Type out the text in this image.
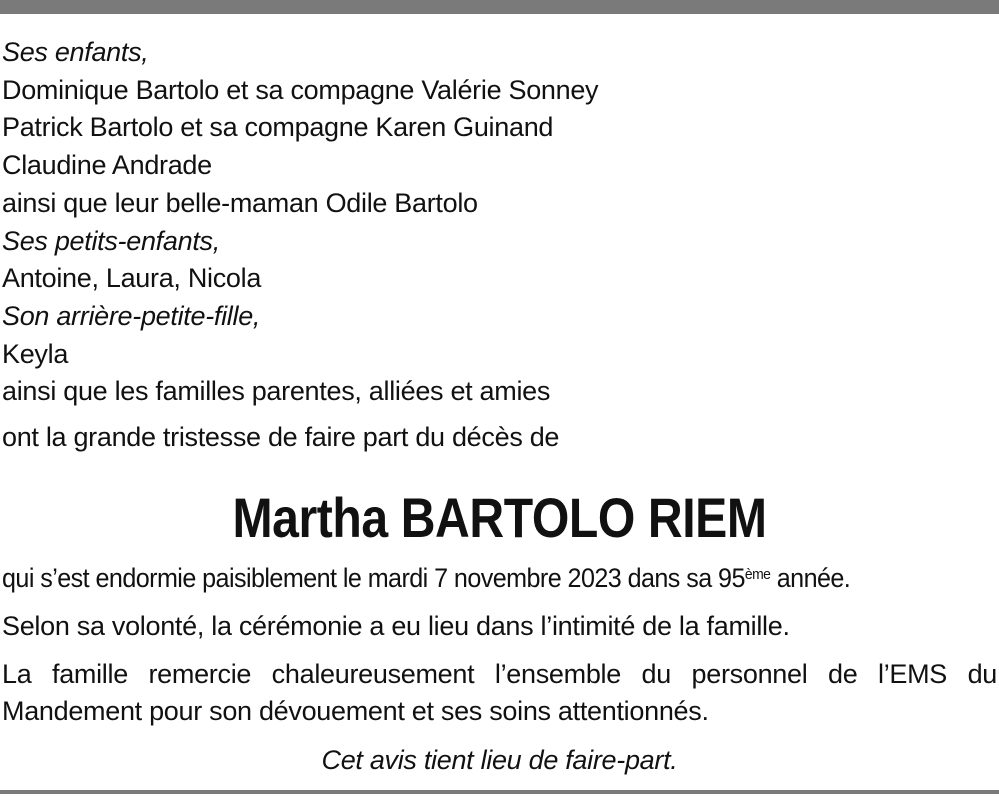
Ses enfants,
Dominique Bartolo et sa compagne Valérie Sonney
Patrick Bartolo et sa compagne Karen Guinand
Claudine Andrade
ainsi que leur belle-maman Odile Bartolo
Ses petits-enfants,
Antoine, Laura, Nicola
Son arrière-petite-fille,
Keyla
ainsi que les familles parentes, alliées et amies
ont la grande tristesse de faire part du décès de
Martha BARTOLO RIEM
qui s’est endormie paisiblement le mardi 7 novembre 2023 dans sa 95ème année.
Selon sa volonté, la cérémonie a eu lieu dans l’intimité de la famille.
La famille remercie chaleureusement l’ensemble du personnel de l’EMS du Mandement pour son dévouement et ses soins attentionnés.
Cet avis tient lieu de faire-part.
